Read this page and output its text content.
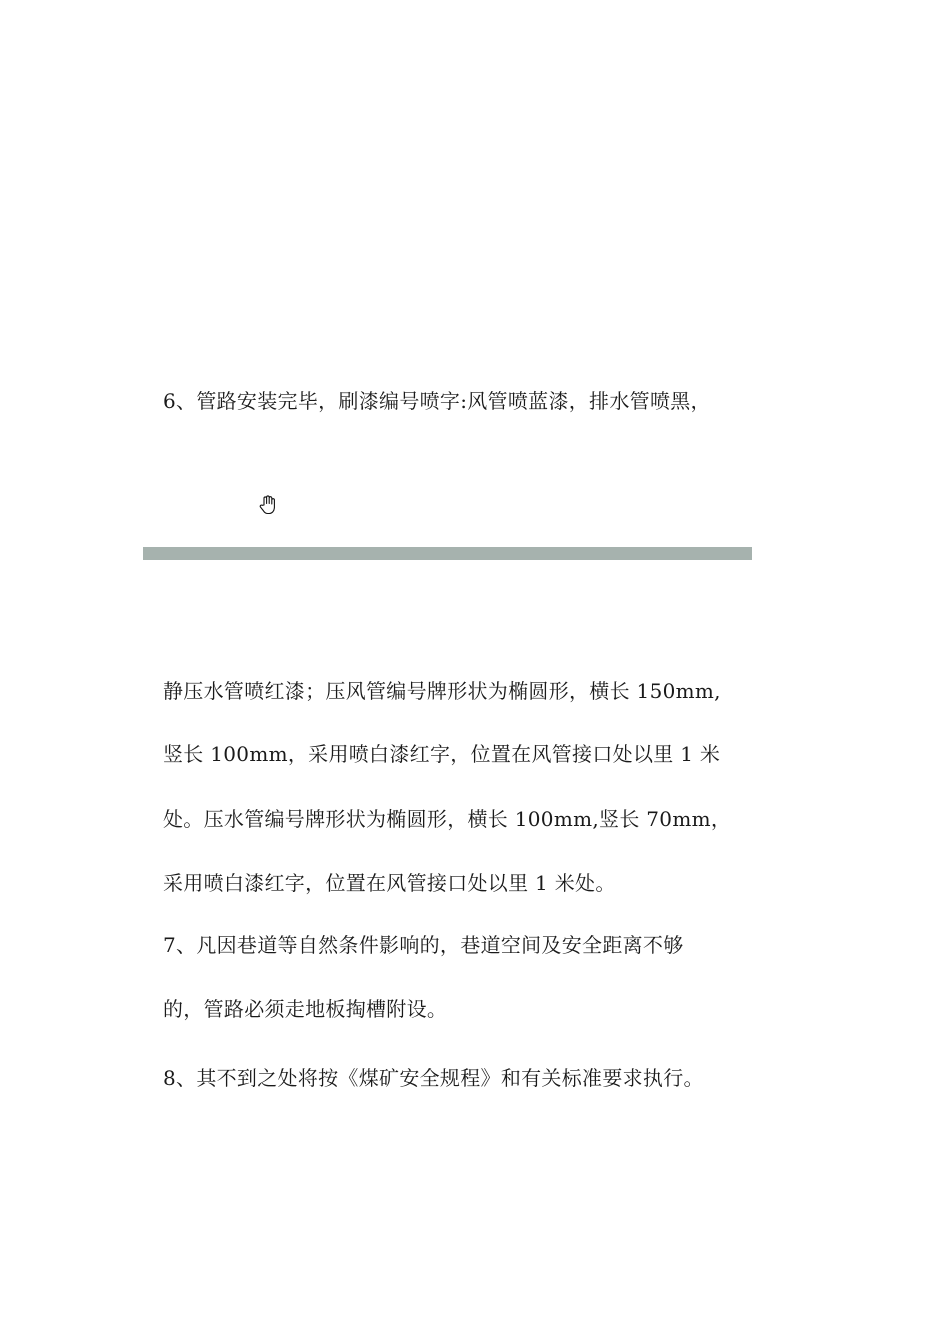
6、管路安装完毕，刷漆编号喷字:风管喷蓝漆，排水管喷黑，
静压水管喷红漆；压风管编号牌形状为椭圆形，横长 150mm,
竖长 100mm，采用喷白漆红字，位置在风管接口处以里 1 米
处。压水管编号牌形状为椭圆形，横长 100mm,竖长 70mm，
采用喷白漆红字，位置在风管接口处以里 1 米处。
7、凡因巷道等自然条件影响的，巷道空间及安全距离不够
的，管路必须走地板掏槽附设。
8、其不到之处将按《煤矿安全规程》和有关标准要求执行。
